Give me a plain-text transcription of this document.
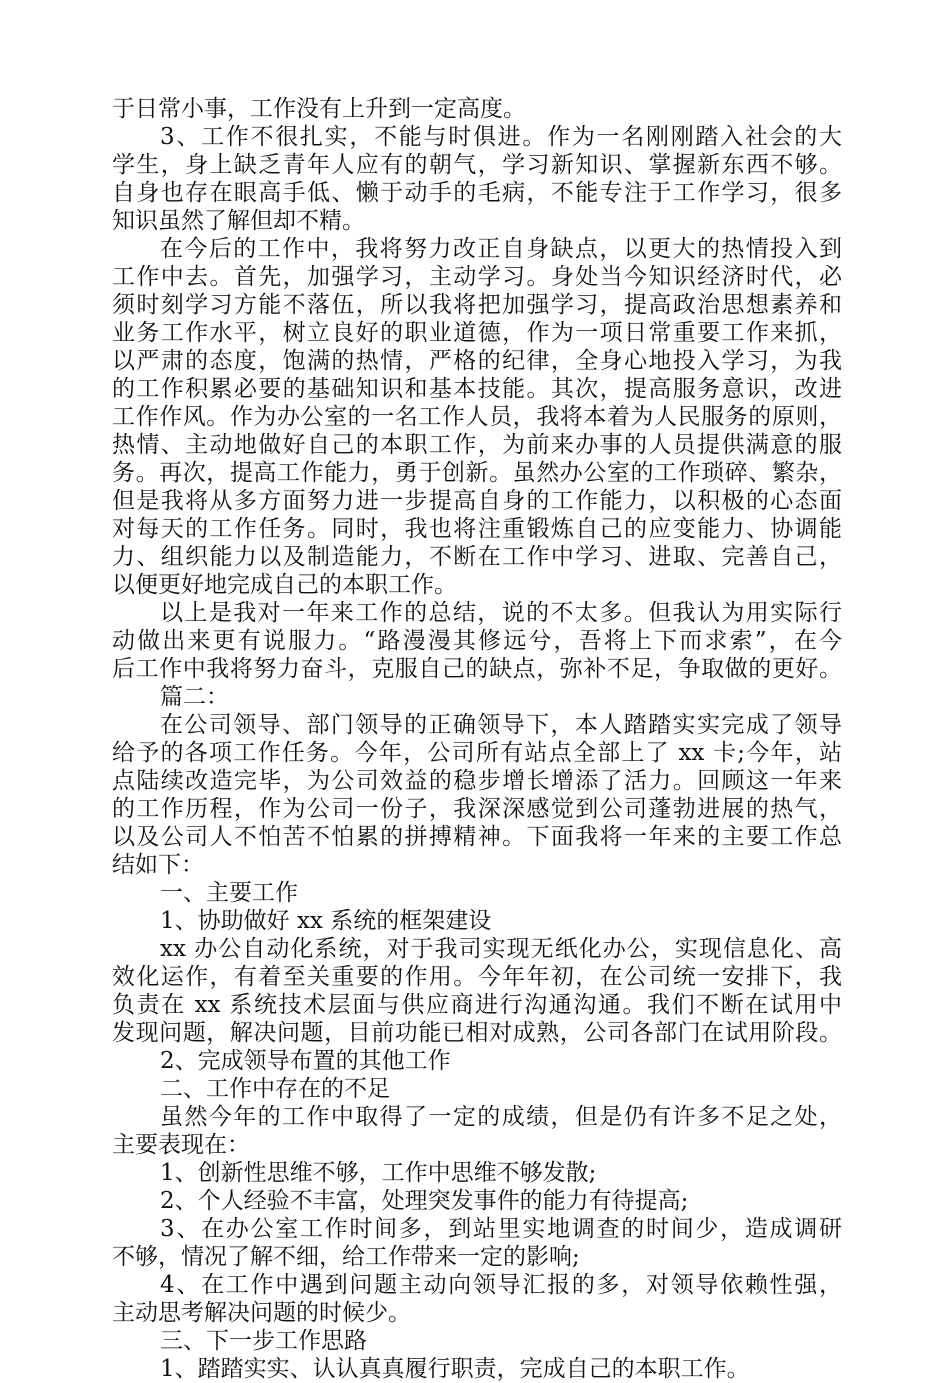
于日常小事，工作没有上升到一定高度。
3、工作不很扎实，不能与时俱进。作为一名刚刚踏入社会的大
学生，身上缺乏青年人应有的朝气，学习新知识、掌握新东西不够。
自身也存在眼高手低、懒于动手的毛病，不能专注于工作学习，很多
知识虽然了解但却不精。
在今后的工作中，我将努力改正自身缺点，以更大的热情投入到
工作中去。首先，加强学习，主动学习。身处当今知识经济时代，必
须时刻学习方能不落伍，所以我将把加强学习，提高政治思想素养和
业务工作水平，树立良好的职业道德，作为一项日常重要工作来抓，
以严肃的态度，饱满的热情，严格的纪律，全身心地投入学习，为我
的工作积累必要的基础知识和基本技能。其次，提高服务意识，改进
工作作风。作为办公室的一名工作人员，我将本着为人民服务的原则，
热情、主动地做好自己的本职工作，为前来办事的人员提供满意的服
务。再次，提高工作能力，勇于创新。虽然办公室的工作琐碎、繁杂，
但是我将从多方面努力进一步提高自身的工作能力，以积极的心态面
对每天的工作任务。同时，我也将注重锻炼自己的应变能力、协调能
力、组织能力以及制造能力，不断在工作中学习、进取、完善自己，
以便更好地完成自己的本职工作。
以上是我对一年来工作的总结，说的不太多。但我认为用实际行
动做出来更有说服力。“路漫漫其修远兮，吾将上下而求索”，在今
后工作中我将努力奋斗，克服自己的缺点，弥补不足，争取做的更好。
篇二：
在公司领导、部门领导的正确领导下，本人踏踏实实完成了领导
给予的各项工作任务。今年，公司所有站点全部上了 xx 卡;今年，站
点陆续改造完毕，为公司效益的稳步增长增添了活力。回顾这一年来
的工作历程，作为公司一份子，我深深感觉到公司蓬勃进展的热气，
以及公司人不怕苦不怕累的拼搏精神。下面我将一年来的主要工作总
结如下：
一、主要工作
1、协助做好 xx 系统的框架建设
xx 办公自动化系统，对于我司实现无纸化办公，实现信息化、高
效化运作，有着至关重要的作用。今年年初，在公司统一安排下，我
负责在 xx 系统技术层面与供应商进行沟通沟通。我们不断在试用中
发现问题，解决问题，目前功能已相对成熟，公司各部门在试用阶段。
2、完成领导布置的其他工作
二、工作中存在的不足
虽然今年的工作中取得了一定的成绩，但是仍有许多不足之处，
主要表现在：
1、创新性思维不够，工作中思维不够发散;
2、个人经验不丰富，处理突发事件的能力有待提高;
3、在办公室工作时间多，到站里实地调查的时间少，造成调研
不够，情况了解不细，给工作带来一定的影响;
4、在工作中遇到问题主动向领导汇报的多，对领导依赖性强，
主动思考解决问题的时候少。
三、下一步工作思路
1、踏踏实实、认认真真履行职责，完成自己的本职工作。
